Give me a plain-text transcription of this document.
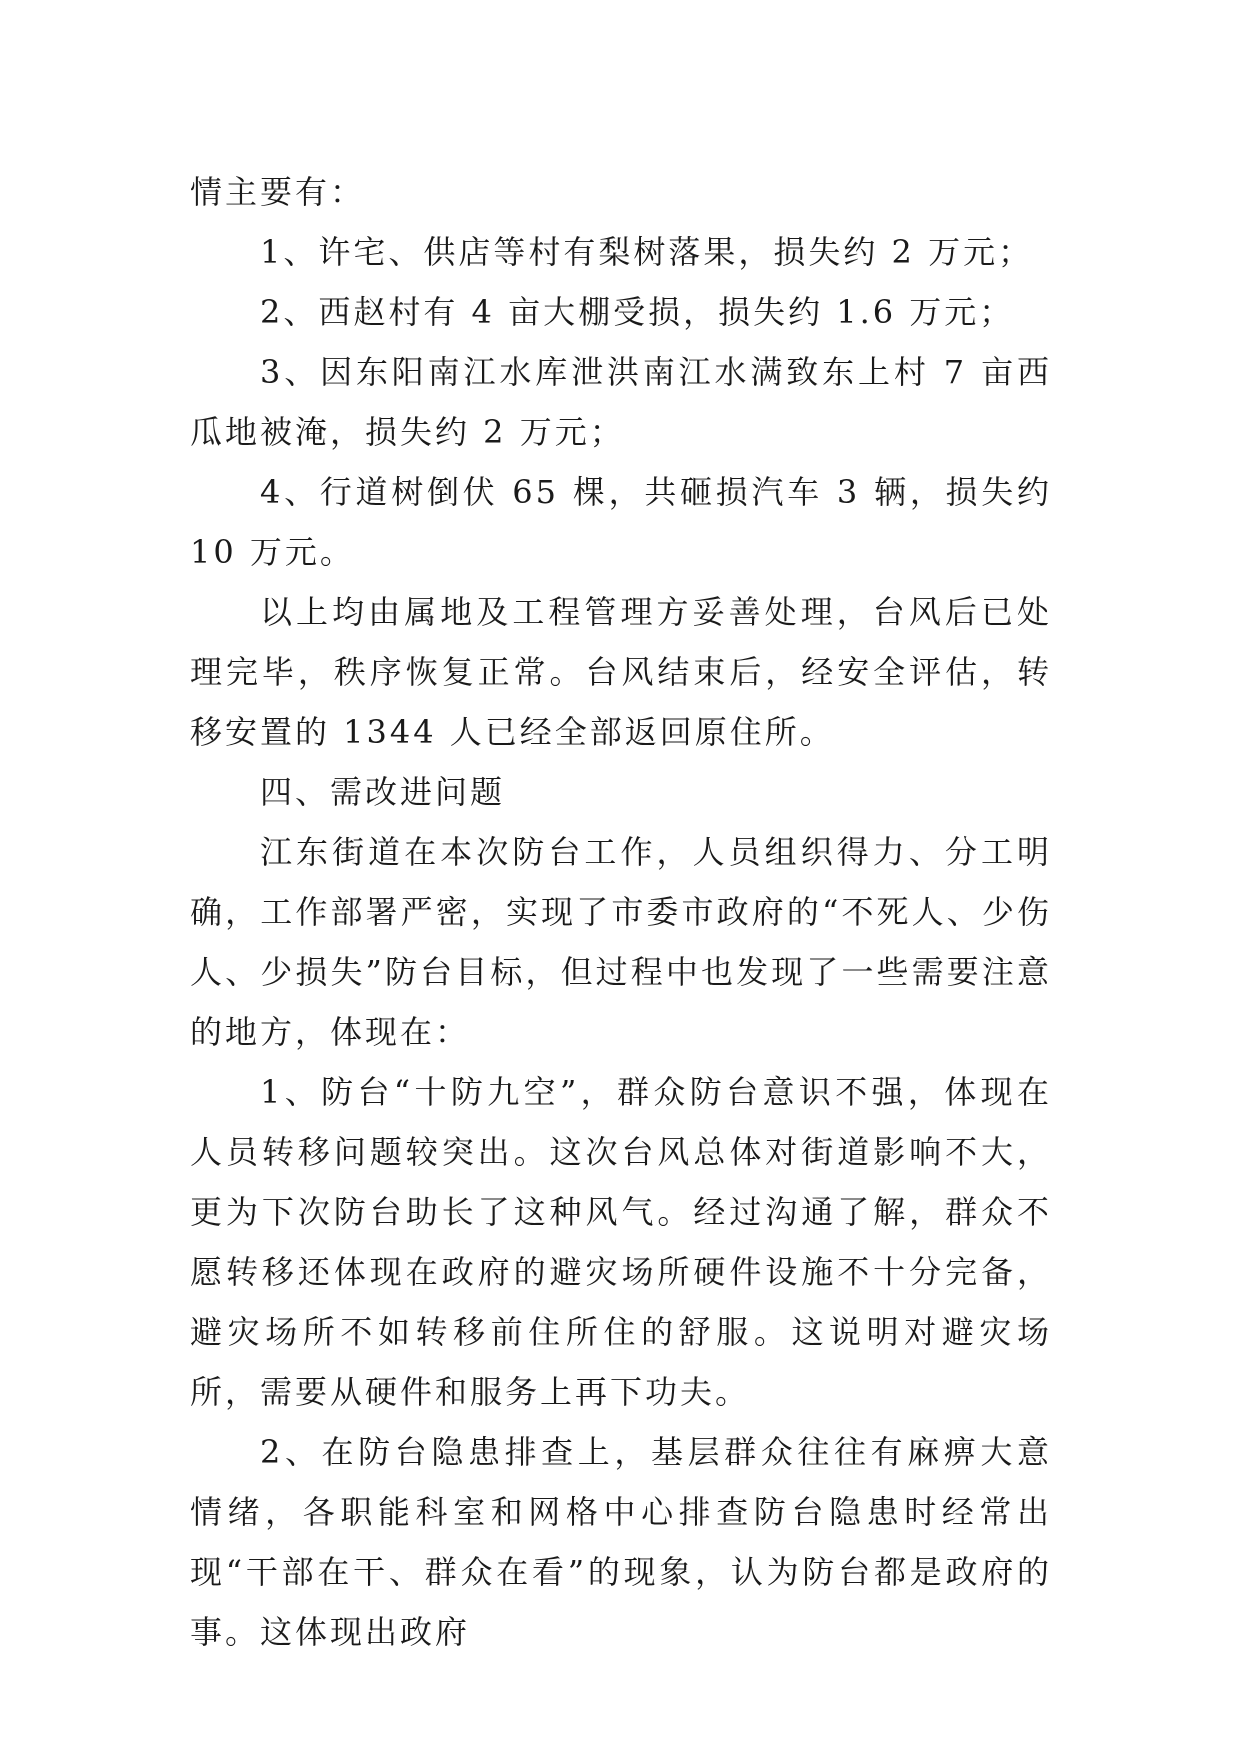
情主要有：

1、许宅、供店等村有梨树落果，损失约 2 万元；

2、西赵村有 4 亩大棚受损，损失约 1.6 万元；

3、因东阳南江水库泄洪南江水满致东上村 7 亩西瓜地被淹，损失约 2 万元；

4、行道树倒伏 65 棵，共砸损汽车 3 辆，损失约 10 万元。

以上均由属地及工程管理方妥善处理，台风后已处理完毕，秩序恢复正常。台风结束后，经安全评估，转移安置的 1344 人已经全部返回原住所。

四、需改进问题

江东街道在本次防台工作，人员组织得力、分工明确，工作部署严密，实现了市委市政府的“不死人、少伤人、少损失”防台目标，但过程中也发现了一些需要注意的地方，体现在：

1、防台“十防九空”，群众防台意识不强，体现在人员转移问题较突出。这次台风总体对街道影响不大，更为下次防台助长了这种风气。经过沟通了解，群众不愿转移还体现在政府的避灾场所硬件设施不十分完备，避灾场所不如转移前住所住的舒服。这说明对避灾场所，需要从硬件和服务上再下功夫。

2、在防台隐患排查上，基层群众往往有麻痹大意情绪，各职能科室和网格中心排查防台隐患时经常出现“干部在干、群众在看”的现象，认为防台都是政府的事。这体现出政府
